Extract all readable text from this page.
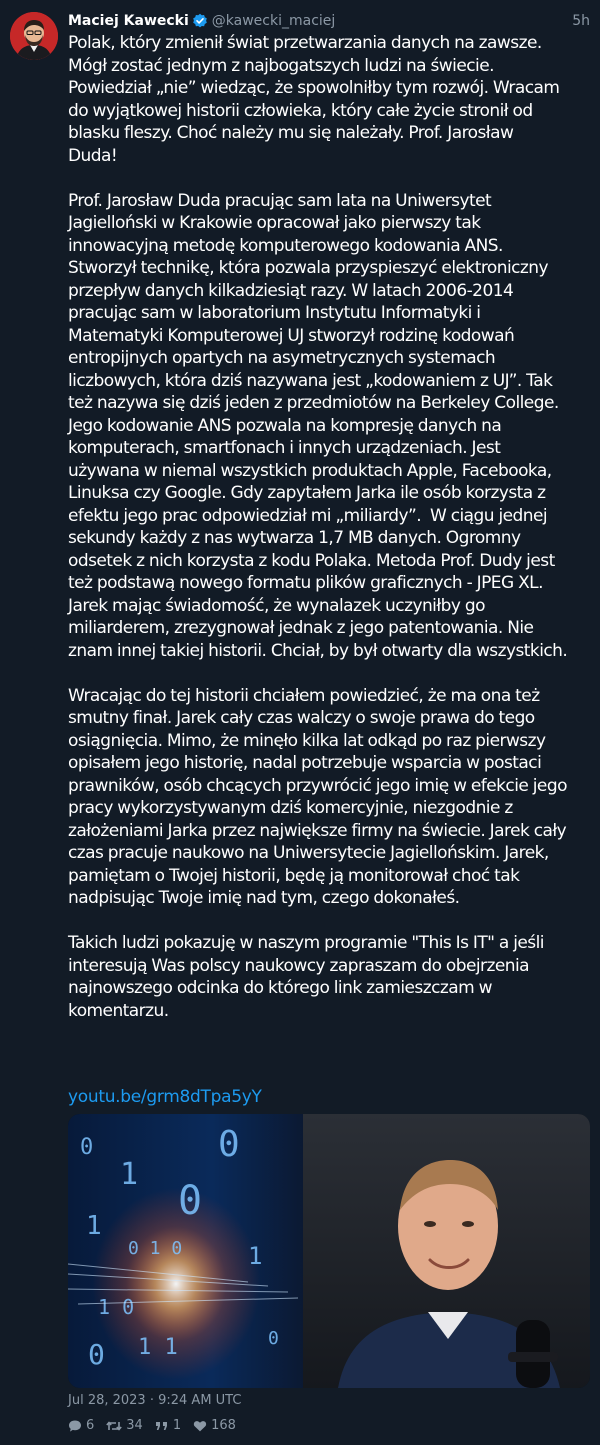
Maciej Kawecki @kawecki_maciej	5h
Polak, który zmienił świat przetwarzania danych na zawsze.
Mógł zostać jednym z najbogatszych ludzi na świecie.
Powiedział „nie” wiedząc, że spowolniłby tym rozwój. Wracam
do wyjątkowej historii człowieka, który całe życie stronił od
blasku fleszy. Choć należy mu się należały. Prof. Jarosław
Duda!

Prof. Jarosław Duda pracując sam lata na Uniwersytet
Jagielloński w Krakowie opracował jako pierwszy tak
innowacyjną metodę komputerowego kodowania ANS.
Stworzył technikę, która pozwala przyspieszyć elektroniczny
przepływ danych kilkadziesiąt razy. W latach 2006-2014
pracując sam w laboratorium Instytutu Informatyki i
Matematyki Komputerowej UJ stworzył rodzinę kodowań
entropijnych opartych na asymetrycznych systemach
liczbowych, która dziś nazywana jest „kodowaniem z UJ”. Tak
też nazywa się dziś jeden z przedmiotów na Berkeley College.
Jego kodowanie ANS pozwala na kompresję danych na
komputerach, smartfonach i innych urządzeniach. Jest
używana w niemal wszystkich produktach Apple, Facebooka,
Linuksa czy Google. Gdy zapytałem Jarka ile osób korzysta z
efektu jego prac odpowiedział mi „miliardy”.  W ciągu jednej
sekundy każdy z nas wytwarza 1,7 MB danych. Ogromny
odsetek z nich korzysta z kodu Polaka. Metoda Prof. Dudy jest
też podstawą nowego formatu plików graficznych - JPEG XL.
Jarek mając świadomość, że wynalazek uczyniłby go
miliarderem, zrezygnował jednak z jego patentowania. Nie
znam innej takiej historii. Chciał, by był otwarty dla wszystkich.

Wracając do tej historii chciałem powiedzieć, że ma ona też
smutny finał. Jarek cały czas walczy o swoje prawa do tego
osiągnięcia. Mimo, że minęło kilka lat odkąd po raz pierwszy
opisałem jego historię, nadal potrzebuje wsparcia w postaci
prawników, osób chcących przywrócić jego imię w efekcie jego
pracy wykorzystywanym dziś komercyjnie, niezgodnie z
założeniami Jarka przez największe firmy na świecie. Jarek cały
czas pracuje naukowo na Uniwersytecie Jagiellońskim. Jarek,
pamiętam o Twojej historii, będę ją monitorował choć tak
nadpisując Twoje imię nad tym, czego dokonałeś.

Takich ludzi pokazuję w naszym programie "This Is IT" a jeśli
interesują Was polscy naukowcy zapraszam do obejrzenia
najnowszego odcinka do którego link zamieszczam w
komentarzu.
youtu.be/grm8dTpa5yY
0
1
0
1
0 1 0
0
1 0
0 1 1
1
0
Jul 28, 2023 · 9:24 AM UTC
6 34 1 168
